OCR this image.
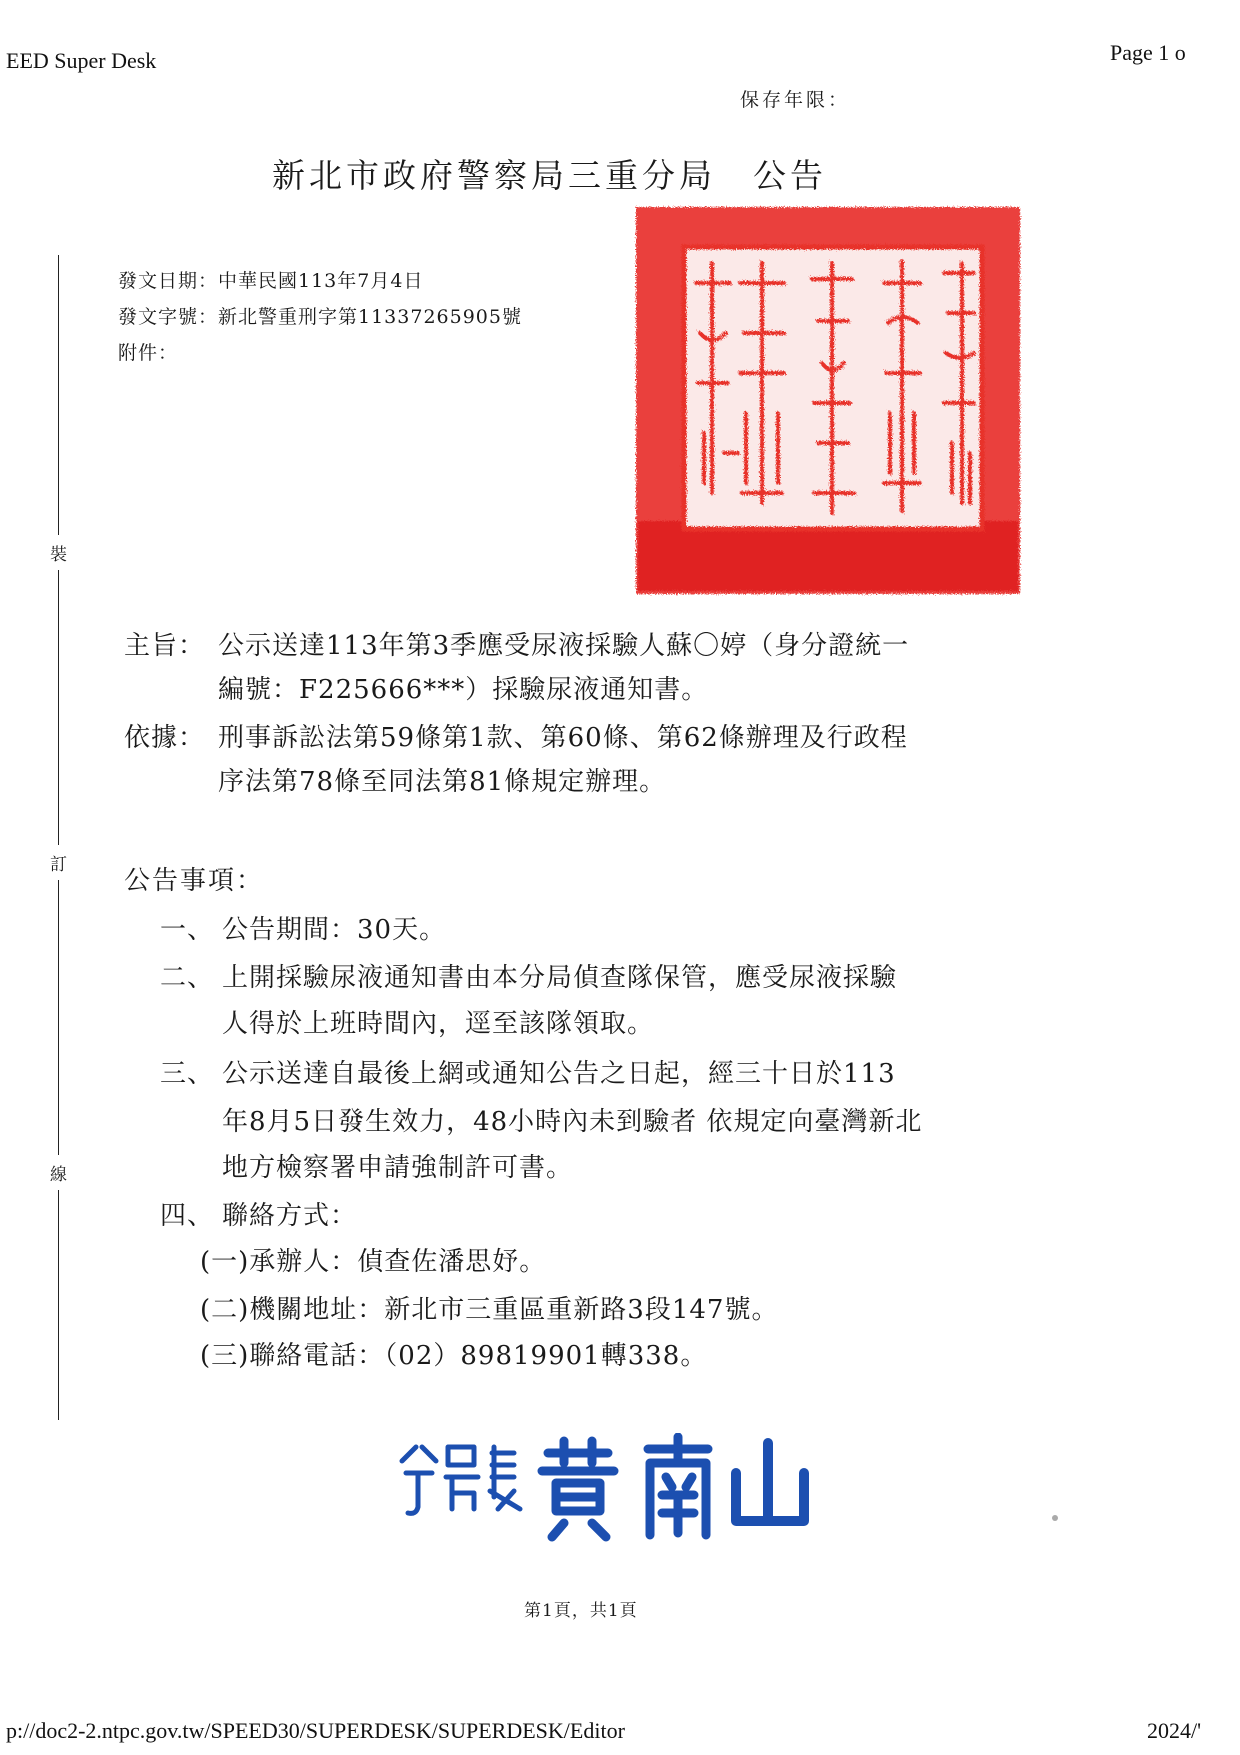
EED Super Desk	Page 1 o
保存年限：
新北市政府警察局三重分局　公告
發文日期：中華民國113年7月4日
發文字號：新北警重刑字第11337265905號
附件：
裝
訂
線
主旨： 公示送達113年第3季應受尿液採驗人蘇〇婷（身分證統一
編號：F225666***）採驗尿液通知書。
依據： 刑事訴訟法第59條第1款、第60條、第62條辦理及行政程
序法第78條至同法第81條規定辦理。
公告事項：
一、 公告期間：30天。
二、 上開採驗尿液通知書由本分局偵查隊保管，應受尿液採驗
人得於上班時間內，逕至該隊領取。
三、 公示送達自最後上網或通知公告之日起，經三十日於113
年8月5日發生效力，48小時內未到驗者 依規定向臺灣新北
地方檢察署申請強制許可書。
四、 聯絡方式：
(一)承辦人：偵查佐潘思妤。
(二)機關地址：新北市三重區重新路3段147號。
(三)聯絡電話：（02）89819901轉338。
第1頁，共1頁
p://doc2-2.ntpc.gov.tw/SPEED30/SUPERDESK/SUPERDESK/Editor	2024/'
